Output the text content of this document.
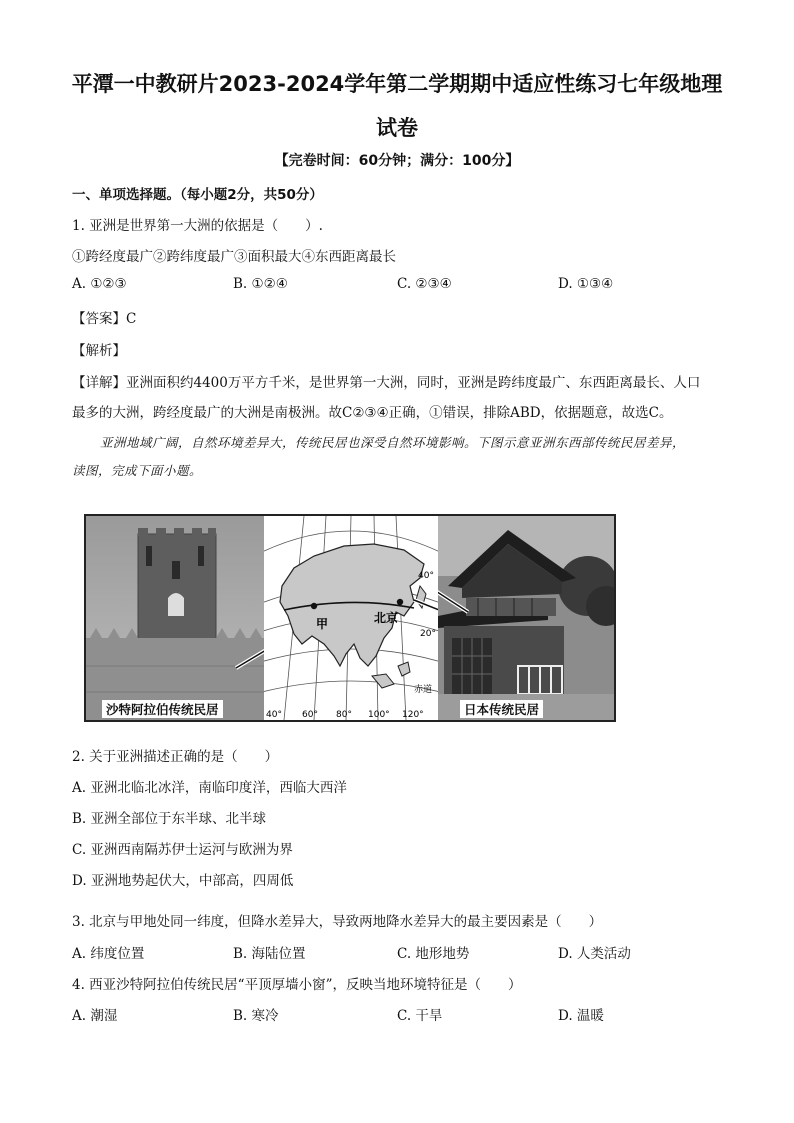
平潭一中教研片2023-2024学年第二学期期中适应性练习七年级地理
试卷
【完卷时间：60分钟；满分：100分】
一、单项选择题。（每小题2分，共50分）
1. 亚洲是世界第一大洲的依据是（　　）.
①跨经度最广②跨纬度最广③面积最大④东西距离最长
A. ①②③	B. ①②④	C. ②③④	D. ①③④
【答案】C
【解析】
【详解】亚洲面积约4400万平方千米，是世界第一大洲，同时，亚洲是跨纬度最广、东西距离最长、人口
最多的大洲，跨经度最广的大洲是南极洲。故C②③④正确，①错误，排除ABD，依据题意，故选C。
亚洲地域广阔，自然环境差异大，传统民居也深受自然环境影响。下图示意亚洲东西部传统民居差异，
读图，完成下面小题。
沙特阿拉伯传统民居
甲	北京
40°
20°
赤道
40° 60° 80° 100° 120°	日本传统民居
2. 关于亚洲描述正确的是（　　）
A. 亚洲北临北冰洋，南临印度洋，西临大西洋
B. 亚洲全部位于东半球、北半球
C. 亚洲西南隔苏伊士运河与欧洲为界
D. 亚洲地势起伏大，中部高，四周低
3. 北京与甲地处同一纬度，但降水差异大，导致两地降水差异大的最主要因素是（　　）
A. 纬度位置	B. 海陆位置	C. 地形地势	D. 人类活动
4. 西亚沙特阿拉伯传统民居“平顶厚墙小窗”，反映当地环境特征是（　　）
A. 潮湿	B. 寒冷	C. 干旱	D. 温暖
